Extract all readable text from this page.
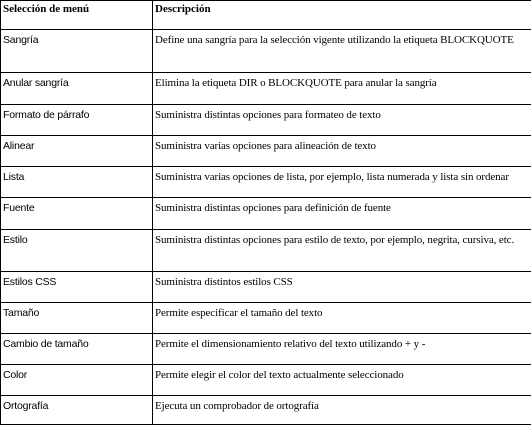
Selección de menú	Descripción
Sangría	Define una sangría para la selección vigente utilizando la etiqueta BLOCKQUOTE
Anular sangría	Elimina la etiqueta DIR o BLOCKQUOTE para anular la sangría
Formato de párrafo	Suministra distintas opciones para formateo de texto
Alinear	Suministra varias opciones para alineación de texto
Lista	Suministra varias opciones de lista, por ejemplo, lista numerada y lista sin ordenar
Fuente	Suministra distintas opciones para definición de fuente
Estilo	Suministra distintas opciones para estilo de texto, por ejemplo, negrita, cursiva, etc.
Estilos CSS	Suministra distintos estilos CSS
Tamaño	Permite especificar el tamaño del texto
Cambio de tamaño	Permite el dimensionamiento relativo del texto utilizando + y -
Color	Permite elegir el color del texto actualmente seleccionado
Ortografía	Ejecuta un comprobador de ortografía
